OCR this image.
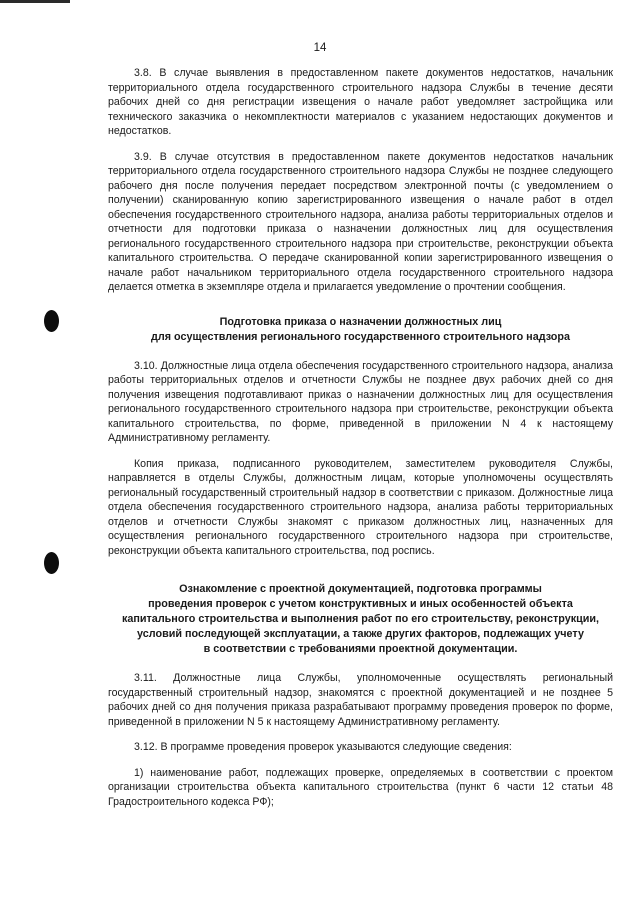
14

3.8. В случае выявления в предоставленном пакете документов недостатков, начальник территориального отдела государственного строительного надзора Службы в течение десяти рабочих дней со дня регистрации извещения о начале работ уведомляет застройщика или технического заказчика о некомплектности материалов с указанием недостающих документов и недостатков.

3.9. В случае отсутствия в предоставленном пакете документов недостатков начальник территориального отдела государственного строительного надзора Службы не позднее следующего рабочего дня после получения передает посредством электронной почты (с уведомлением о получении) сканированную копию зарегистрированного извещения о начале работ в отдел обеспечения государственного строительного надзора, анализа работы территориальных отделов и отчетности для подготовки приказа о назначении должностных лиц для осуществления регионального государственного строительного надзора при строительстве, реконструкции объекта капитального строительства. О передаче сканированной копии зарегистрированного извещения о начале работ начальником территориального отдела государственного строительного надзора делается отметка в экземпляре отдела и прилагается уведомление о прочтении сообщения.

Подготовка приказа о назначении должностных лиц
для осуществления регионального государственного строительного надзора

3.10. Должностные лица отдела обеспечения государственного строительного надзора, анализа работы территориальных отделов и отчетности Службы не позднее двух рабочих дней со дня получения извещения подготавливают приказ о назначении должностных лиц для осуществления регионального государственного строительного надзора при строительстве, реконструкции объекта капитального строительства, по форме, приведенной в приложении N 4 к настоящему Административному регламенту.

Копия приказа, подписанного руководителем, заместителем руководителя Службы, направляется в отделы Службы, должностным лицам, которые уполномочены осуществлять региональный государственный строительный надзор в соответствии с приказом. Должностные лица отдела обеспечения государственного строительного надзора, анализа работы территориальных отделов и отчетности Службы знакомят с приказом должностных лиц, назначенных для осуществления регионального государственного строительного надзора при строительстве, реконструкции объекта капитального строительства, под роспись.

Ознакомление с проектной документацией, подготовка программы
проведения проверок с учетом конструктивных и иных особенностей объекта
капитального строительства и выполнения работ по его строительству, реконструкции,
условий последующей эксплуатации, а также других факторов, подлежащих учету
в соответствии с требованиями проектной документации.

3.11. Должностные лица Службы, уполномоченные осуществлять региональный государственный строительный надзор, знакомятся с проектной документацией и не позднее 5 рабочих дней со дня получения приказа разрабатывают программу проведения проверок по форме, приведенной в приложении N 5 к настоящему Административному регламенту.

3.12. В программе проведения проверок указываются следующие сведения:

1) наименование работ, подлежащих проверке, определяемых в соответствии с проектом организации строительства объекта капитального строительства (пункт 6 части 12 статьи 48 Градостроительного кодекса РФ);
